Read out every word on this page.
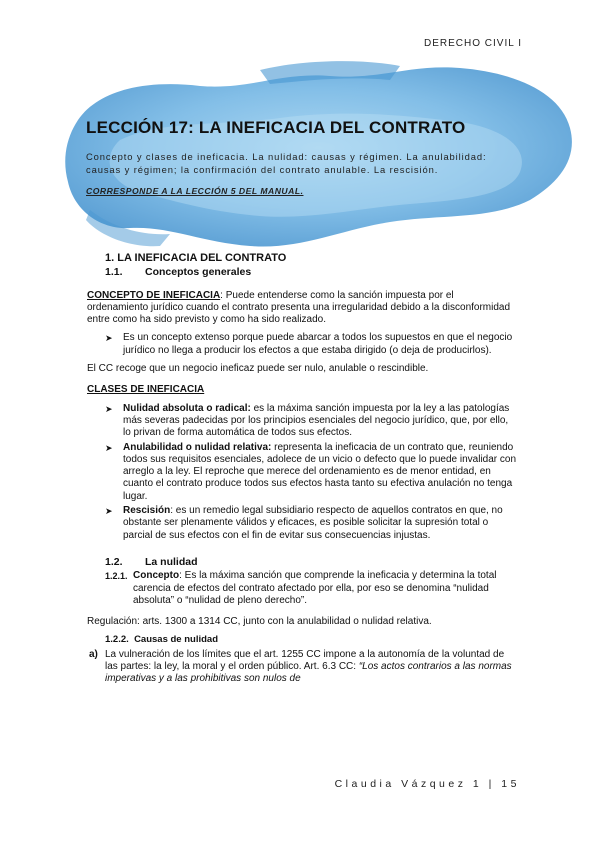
DERECHO CIVIL I
LECCIÓN 17: LA INEFICACIA DEL CONTRATO
Concepto y clases de ineficacia. La nulidad: causas y régimen. La anulabilidad: causas y régimen; la confirmación del contrato anulable. La rescisión.
CORRESPONDE A LA LECCIÓN 5 DEL MANUAL.
1. LA INEFICACIA DEL CONTRATO
1.1. Conceptos generales

CONCEPTO DE INEFICACIA: Puede entenderse como la sanción impuesta por el ordenamiento jurídico cuando el contrato presenta una irregularidad debido a la disconformidad entre como ha sido previsto y como ha sido realizado.

➤ Es un concepto extenso porque puede abarcar a todos los supuestos en que el negocio jurídico no llega a producir los efectos a que estaba dirigido (o deja de producirlos).

El CC recoge que un negocio ineficaz puede ser nulo, anulable o rescindible.

CLASES DE INEFICACIA
➤ Nulidad absoluta o radical: es la máxima sanción impuesta por la ley a las patologías más severas padecidas por los principios esenciales del negocio jurídico, que, por ello, lo privan de forma automática de todos sus efectos.
➤ Anulabilidad o nulidad relativa: representa la ineficacia de un contrato que, reuniendo todos sus requisitos esenciales, adolece de un vicio o defecto que lo puede invalidar con arreglo a la ley. El reproche que merece del ordenamiento es de menor entidad, en cuanto el contrato produce todos sus efectos hasta tanto su efectiva anulación no tenga lugar.
➤ Rescisión: es un remedio legal subsidiario respecto de aquellos contratos en que, no obstante ser plenamente válidos y eficaces, es posible solicitar la supresión total o parcial de sus efectos con el fin de evitar sus consecuencias injustas.
1.2. La nulidad
1.2.1. Concepto: Es la máxima sanción que comprende la ineficacia y determina la total carencia de efectos del contrato afectado por ella, por eso se denomina “nulidad absoluta” o “nulidad de pleno derecho”.

Regulación: arts. 1300 a 1314 CC, junto con la anulabilidad o nulidad relativa.

1.2.2. Causas de nulidad
a) La vulneración de los límites que el art. 1255 CC impone a la autonomía de la voluntad de las partes: la ley, la moral y el orden público. Art. 6.3 CC: “Los actos contrarios a las normas imperativas y a las prohibitivas son nulos de
Claudia Vázquez 1 | 15
